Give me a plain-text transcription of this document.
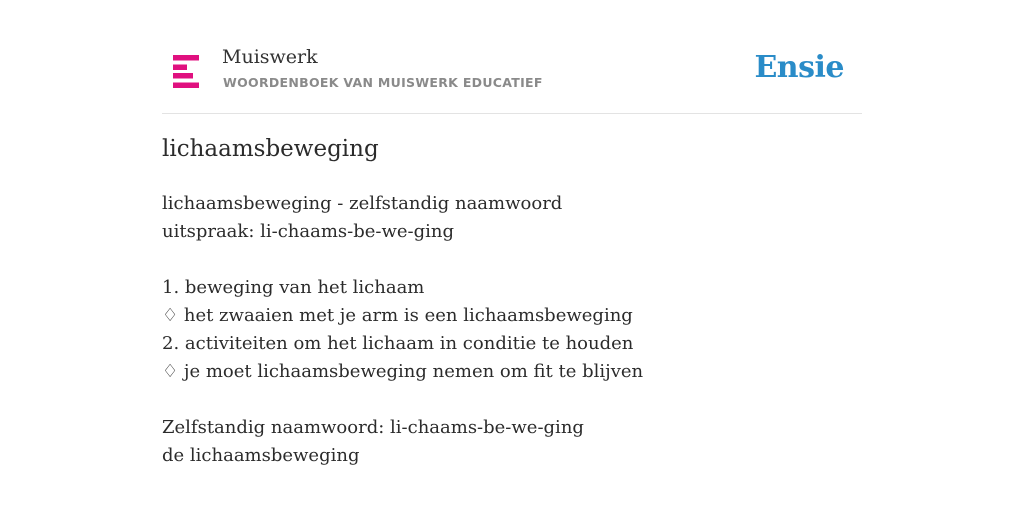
Muiswerk
WOORDENBOEK VAN MUISWERK EDUCATIEF	Ensie
lichaamsbeweging
lichaamsbeweging - zelfstandig naamwoord
uitspraak: li-chaams-be-we-ging
1. beweging van het lichaam
♢ het zwaaien met je arm is een lichaamsbeweging
2. activiteiten om het lichaam in conditie te houden
♢ je moet lichaamsbeweging nemen om fit te blijven
Zelfstandig naamwoord: li-chaams-be-we-ging
de lichaamsbeweging
